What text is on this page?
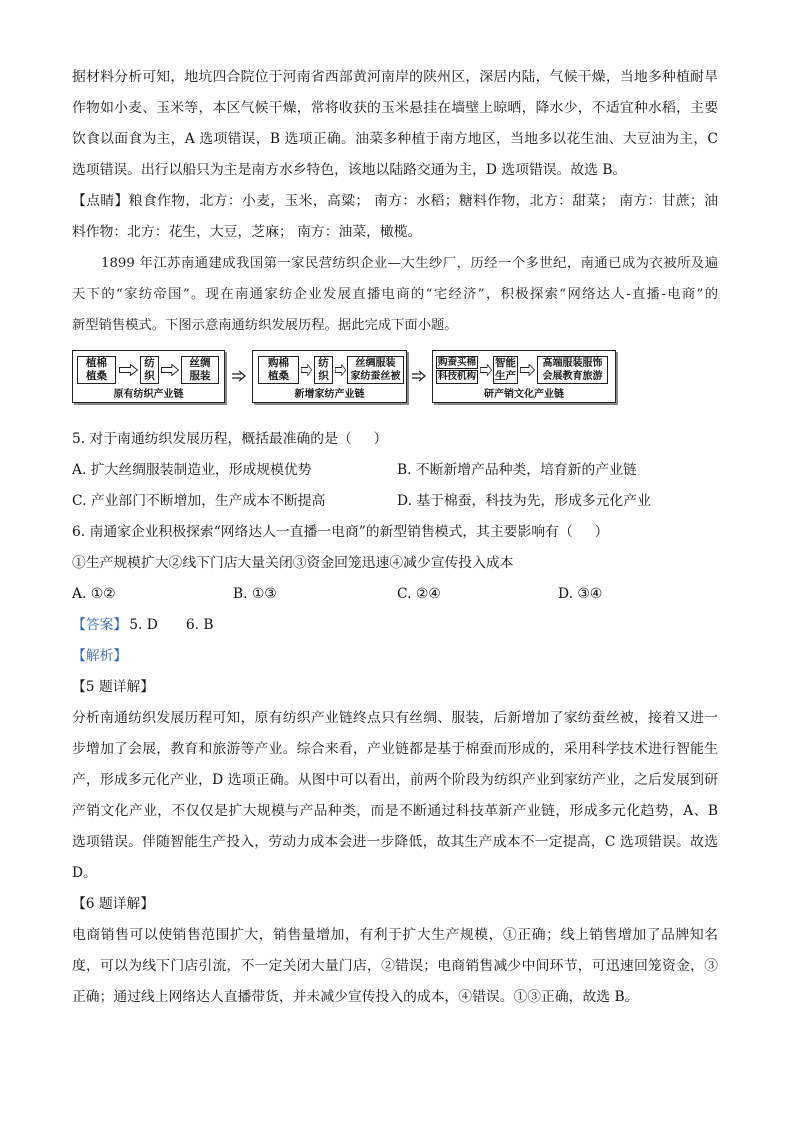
据材料分析可知，地坑四合院位于河南省西部黄河南岸的陕州区，深居内陆，气候干燥，当地多种植耐旱
作物如小麦、玉米等，本区气候干燥，常将收获的玉米悬挂在墙壁上晾晒，降水少，不适宜种水稻，主要
饮食以面食为主，A 选项错误，B 选项正确。油菜多种植于南方地区，当地多以花生油、大豆油为主，C
选项错误。出行以船只为主是南方水乡特色，该地以陆路交通为主，D 选项错误。故选 B。
【点睛】粮食作物，北方：小麦，玉米，高粱； 南方：水稻；糖料作物，北方：甜菜； 南方：甘蔗；油
料作物：北方：花生，大豆，芝麻； 南方：油菜，橄榄。
1899 年江苏南通建成我国第一家民营纺织企业—大生纱厂，历经一个多世纪，南通已成为衣被所及遍
天下的“家纺帝国”。现在南通家纺企业发展直播电商的“宅经济”，积极探索“网络达人-直播-电商”的
新型销售模式。下图示意南通纺织发展历程。据此完成下面小题。
植棉
植桑
纺
织
丝绸
服装
原有纺织产业链
购棉
植桑
纺
织
丝绸服装
家纺蚕丝被
新增家纺产业链
购蚕买棉
科技机构
智能
生产
高端服装服饰
会展教育旅游
研产销文化产业链
5. 对于南通纺织发展历程，概括最准确的是（     ）
A. 扩大丝绸服装制造业，形成规模优势	B. 不断新增产品种类，培育新的产业链
C. 产业部门不断增加，生产成本不断提高	D. 基于棉蚕，科技为先，形成多元化产业
6. 南通家企业积极探索“网络达人一直播一电商”的新型销售模式，其主要影响有（     ）
①生产规模扩大②线下门店大量关闭③资金回笼迅速④减少宣传投入成本
A. ①②	B. ①③	C. ②④	D. ③④
【答案】 5. D 6. B
【解析】
【5 题详解】
分析南通纺织发展历程可知，原有纺织产业链终点只有丝绸、服装，后新增加了家纺蚕丝被，接着又进一
步增加了会展，教育和旅游等产业。综合来看，产业链都是基于棉蚕而形成的，采用科学技术进行智能生
产，形成多元化产业，D 选项正确。从图中可以看出，前两个阶段为纺织产业到家纺产业，之后发展到研
产销文化产业，不仅仅是扩大规模与产品种类，而是不断通过科技革新产业链，形成多元化趋势，A、B
选项错误。伴随智能生产投入，劳动力成本会进一步降低，故其生产成本不一定提高，C 选项错误。故选
D。
【6 题详解】
电商销售可以使销售范围扩大，销售量增加，有利于扩大生产规模，①正确；线上销售增加了品牌知名
度，可以为线下门店引流，不一定关闭大量门店，②错误；电商销售减少中间环节，可迅速回笼资金，③
正确；通过线上网络达人直播带货，并未减少宣传投入的成本，④错误。①③正确，故选 B。
